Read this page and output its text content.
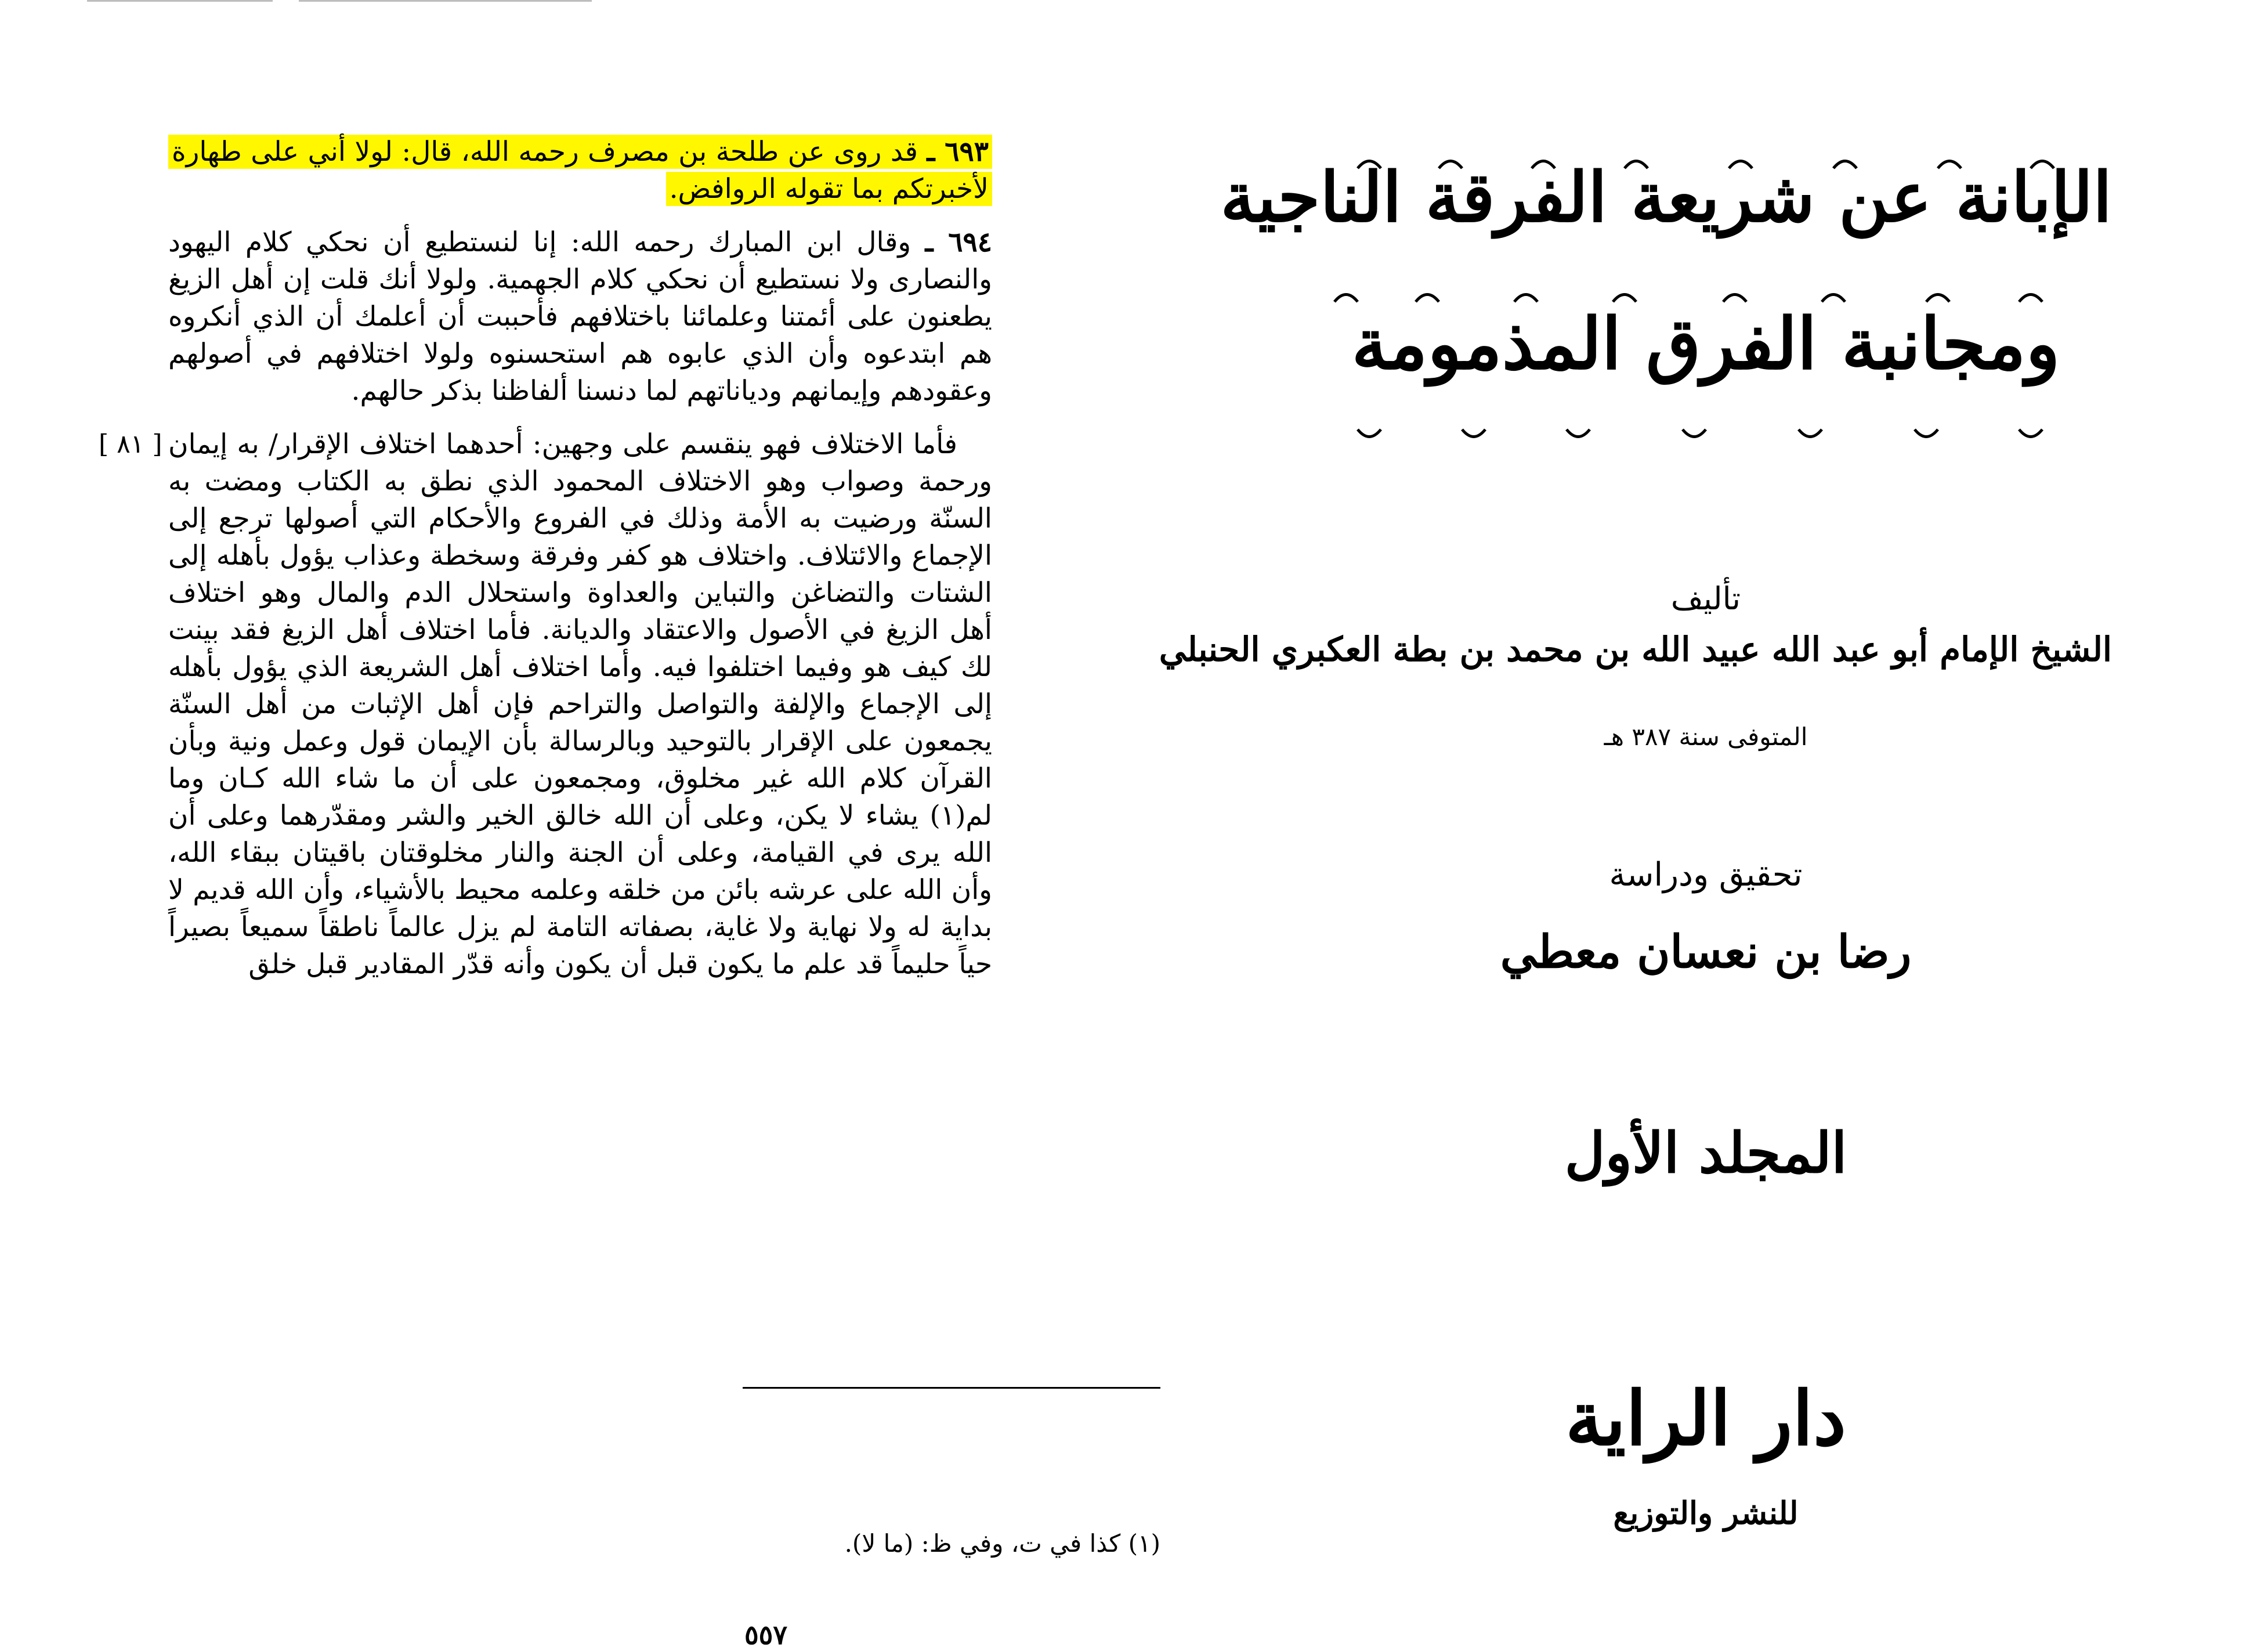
٦٩٣ ـ قد روى عن طلحة بن مصرف رحمه الله، قال: لولا أني على طهارة لأخبرتكم بما تقوله الروافض.

٦٩٤ ـ وقال ابن المبارك رحمه الله: إنا لنستطيع أن نحكي كلام اليهود والنصارى ولا نستطيع أن نحكي كلام الجهمية. ولولا أنك قلت إن أهل الزيغ يطعنون على أئمتنا وعلمائنا باختلافهم فأحببت أن أعلمك أن الذي أنكروه هم ابتدعوه وأن الذي عابوه هم استحسنوه ولولا اختلافهم في أصولهم وعقودهم وإيمانهم ودياناتهم لما دنسنا ألفاظنا بذكر حالهم.

[ ٨١ ] فأما الاختلاف فهو ينقسم على وجهين: أحدهما اختلاف الإقرار/ به إيمان ورحمة وصواب وهو الاختلاف المحمود الذي نطق به الكتاب ومضت به السنّة ورضيت به الأمة وذلك في الفروع والأحكام التي أصولها ترجع إلى الإجماع والائتلاف. واختلاف هو كفر وفرقة وسخطة وعذاب يؤول بأهله إلى الشتات والتضاغن والتباين والعداوة واستحلال الدم والمال وهو اختلاف أهل الزيغ في الأصول والاعتقاد والديانة. فأما اختلاف أهل الزيغ فقد بينت لك كيف هو وفيما اختلفوا فيه. وأما اختلاف أهل الشريعة الذي يؤول بأهله إلى الإجماع والإلفة والتواصل والتراحم فإن أهل الإثبات من أهل السنّة يجمعون على الإقرار بالتوحيد وبالرسالة بأن الإيمان قول وعمل ونية وبأن القرآن كلام الله غير مخلوق، ومجمعون على أن ما شاء الله كـان وما لم(١) يشاء لا يكن، وعلى أن الله خالق الخير والشر ومقدّرهما وعلى أن الله يرى في القيامة، وعلى أن الجنة والنار مخلوقتان باقيتان ببقاء الله، وأن الله على عرشه بائن من خلقه وعلمه محيط بالأشياء، وأن الله قديم لا بداية له ولا نهاية ولا غاية، بصفاته التامة لم يزل عالماً ناطقاً سميعاً بصيراً حياً حليماً قد علم ما يكون قبل أن يكون وأنه قدّر المقادير قبل خلق

(١) كذا في ت، وفي ظ: (ما لا).
٥٥٧
الإبانة عن شريعة الفرقة الناجية
ومجانبة الفرق المذمومة
تأليف
الشيخ الإمام أبو عبد الله عبيد الله بن محمد بن بطة العكبري الحنبلي
المتوفى سنة ٣٨٧ هـ
تحقيق ودراسة
رضا بن نعسان معطي
المجلد الأول
دار الراية
للنشر والتوزيع
